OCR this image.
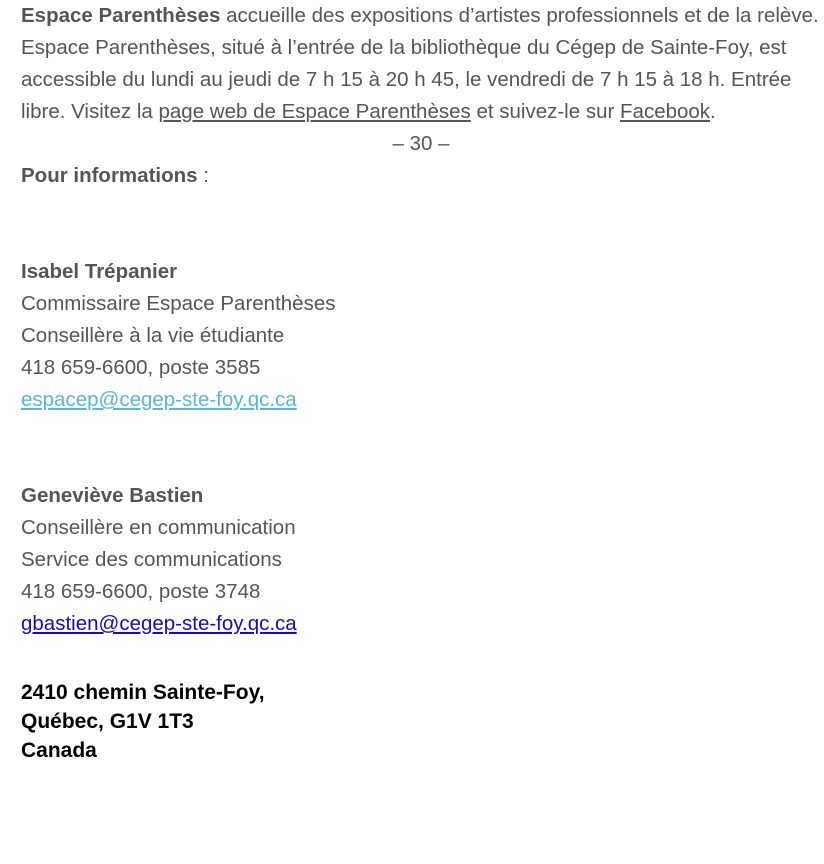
Espace Parenthèses accueille des expositions d’artistes professionnels et de la relève. Espace Parenthèses, situé à l’entrée de la bibliothèque du Cégep de Sainte-Foy, est accessible du lundi au jeudi de 7 h 15 à 20 h 45, le vendredi de 7 h 15 à 18 h. Entrée libre. Visitez la page web de Espace Parenthèses et suivez-le sur Facebook.

– 30 –

Pour informations :

Isabel Trépanier

Commissaire Espace Parenthèses

Conseillère à la vie étudiante

418 659-6600, poste 3585

espacep@cegep-ste-foy.qc.ca

Geneviève Bastien

Conseillère en communication

Service des communications

418 659-6600, poste 3748

gbastien@cegep-ste-foy.qc.ca

2410 chemin Sainte-Foy,

Québec, G1V 1T3

Canada
